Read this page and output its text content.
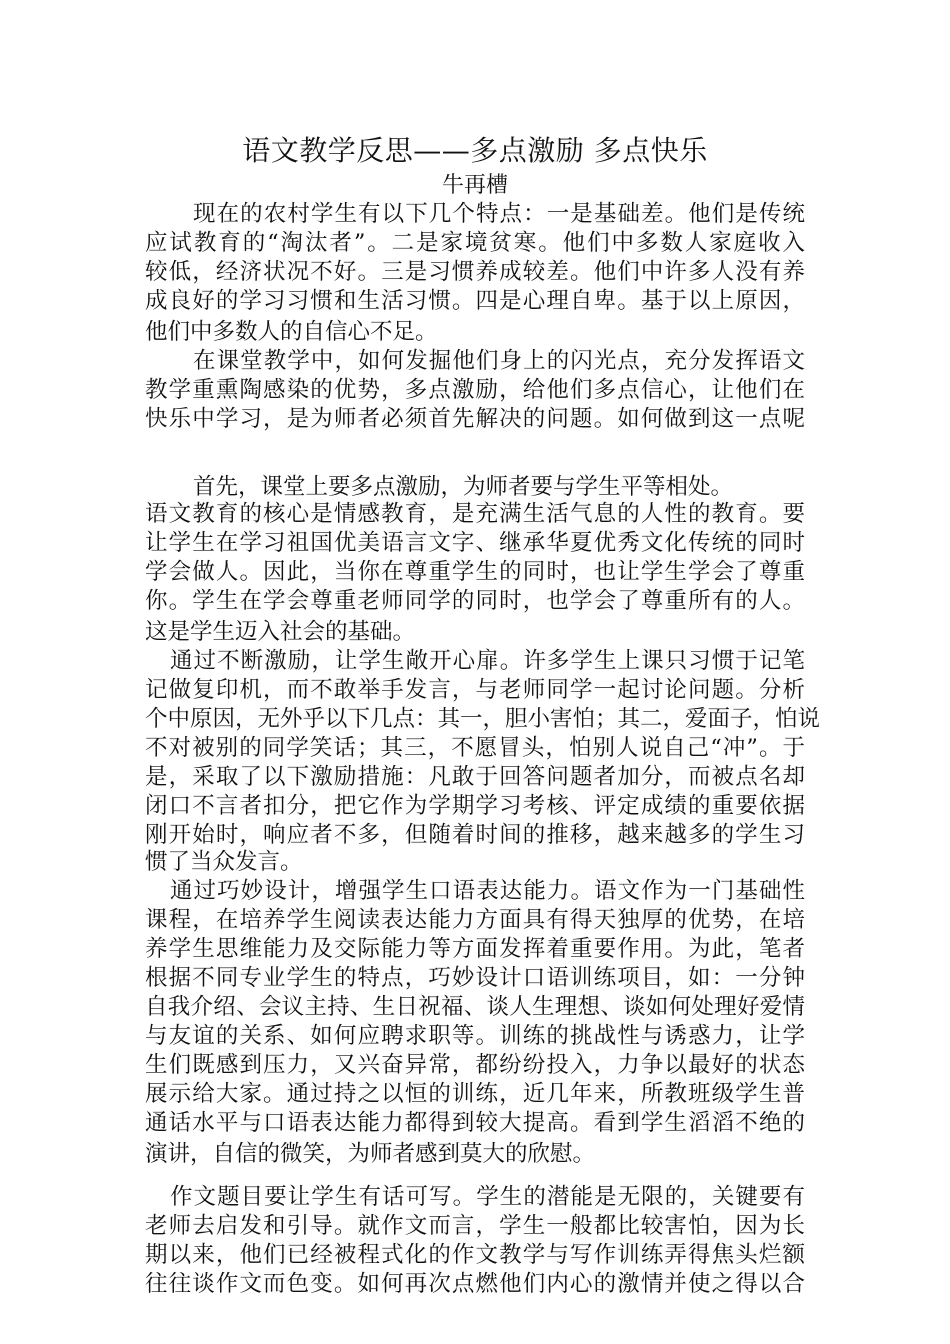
语文教学反思——多点激励 多点快乐
牛再槽
现在的农村学生有以下几个特点：一是基础差。他们是传统
应试教育的“淘汰者”。二是家境贫寒。他们中多数人家庭收入
较低，经济状况不好。三是习惯养成较差。他们中许多人没有养
成良好的学习习惯和生活习惯。四是心理自卑。基于以上原因，
他们中多数人的自信心不足。
在课堂教学中，如何发掘他们身上的闪光点，充分发挥语文
教学重熏陶感染的优势，多点激励，给他们多点信心，让他们在
快乐中学习，是为师者必须首先解决的问题。如何做到这一点呢
首先，课堂上要多点激励，为师者要与学生平等相处。
语文教育的核心是情感教育，是充满生活气息的人性的教育。要
让学生在学习祖国优美语言文字、继承华夏优秀文化传统的同时
学会做人。因此，当你在尊重学生的同时，也让学生学会了尊重
你。学生在学会尊重老师同学的同时，也学会了尊重所有的人。
这是学生迈入社会的基础。
通过不断激励，让学生敞开心扉。许多学生上课只习惯于记笔
记做复印机，而不敢举手发言，与老师同学一起讨论问题。分析
个中原因，无外乎以下几点：其一，胆小害怕；其二，爱面子，怕说
不对被别的同学笑话；其三，不愿冒头，怕别人说自己“冲”。于
是，采取了以下激励措施：凡敢于回答问题者加分，而被点名却
闭口不言者扣分，把它作为学期学习考核、评定成绩的重要依据
刚开始时，响应者不多，但随着时间的推移，越来越多的学生习
惯了当众发言。
通过巧妙设计，增强学生口语表达能力。语文作为一门基础性
课程，在培养学生阅读表达能力方面具有得天独厚的优势，在培
养学生思维能力及交际能力等方面发挥着重要作用。为此，笔者
根据不同专业学生的特点，巧妙设计口语训练项目，如：一分钟
自我介绍、会议主持、生日祝福、谈人生理想、谈如何处理好爱情
与友谊的关系、如何应聘求职等。训练的挑战性与诱惑力，让学
生们既感到压力，又兴奋异常，都纷纷投入，力争以最好的状态
展示给大家。通过持之以恒的训练，近几年来，所教班级学生普
通话水平与口语表达能力都得到较大提高。看到学生滔滔不绝的
演讲，自信的微笑，为师者感到莫大的欣慰。
作文题目要让学生有话可写。学生的潜能是无限的，关键要有
老师去启发和引导。就作文而言，学生一般都比较害怕，因为长
期以来，他们已经被程式化的作文教学与写作训练弄得焦头烂额
往往谈作文而色变。如何再次点燃他们内心的激情并使之得以合
